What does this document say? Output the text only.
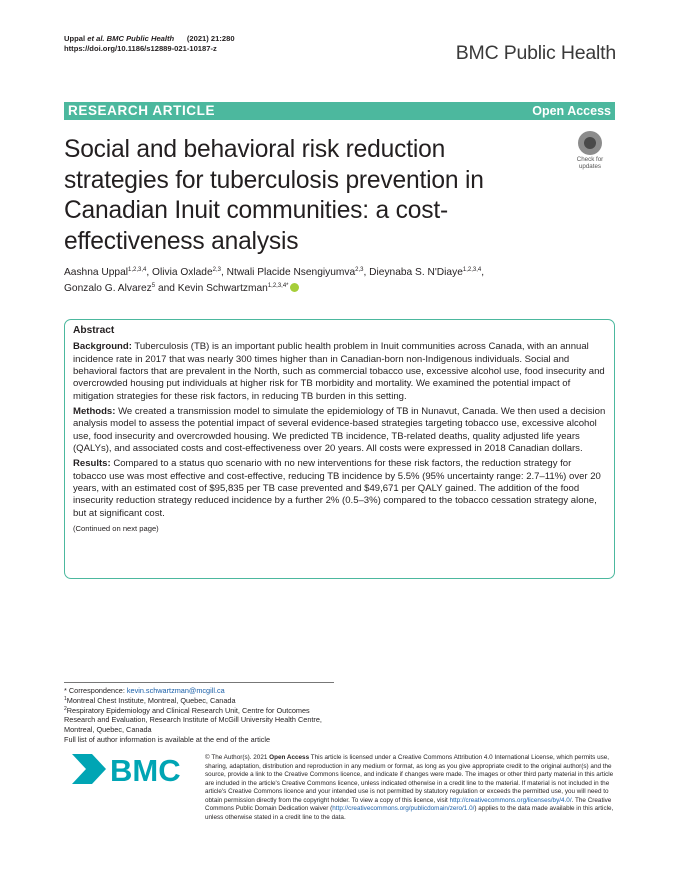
Uppal et al. BMC Public Health (2021) 21:280
https://doi.org/10.1186/s12889-021-10187-z	BMC Public Health
RESEARCH ARTICLE	Open Access
Social and behavioral risk reduction strategies for tuberculosis prevention in Canadian Inuit communities: a cost-effectiveness analysis
Check for
updates
Aashna Uppal$^{1,2,3,4}$, Olivia Oxlade$^{2,3}$, Ntwali Placide Nsengiyumva$^{2,3}$, Dieynaba S. N'Diaye$^{1,2,3,4}$,
Gonzalo G. Alvarez$^5$ and Kevin Schwartzman$^{1,2,3,4*}$
Abstract

Background: Tuberculosis (TB) is an important public health problem in Inuit communities across Canada, with an annual incidence rate in 2017 that was nearly 300 times higher than in Canadian-born non-Indigenous individuals. Social and behavioral factors that are prevalent in the North, such as commercial tobacco use, excessive alcohol use, food insecurity and overcrowded housing put individuals at higher risk for TB morbidity and mortality. We examined the potential impact of mitigation strategies for these risk factors, in reducing TB burden in this setting.

Methods: We created a transmission model to simulate the epidemiology of TB in Nunavut, Canada. We then used a decision analysis model to assess the potential impact of several evidence-based strategies targeting tobacco use, excessive alcohol use, food insecurity and overcrowded housing. We predicted TB incidence, TB-related deaths, quality adjusted life years (QALYs), and associated costs and cost-effectiveness over 20 years. All costs were expressed in 2018 Canadian dollars.

Results: Compared to a status quo scenario with no new interventions for these risk factors, the reduction strategy for tobacco use was most effective and cost-effective, reducing TB incidence by 5.5% (95% uncertainty range: 2.7–11%) over 20 years, with an estimated cost of $95,835 per TB case prevented and $49,671 per QALY gained. The addition of the food insecurity reduction strategy reduced incidence by a further 2% (0.5–3%) compared to the tobacco cessation strategy alone, but at significant cost.

(Continued on next page)
* Correspondence: kevin.schwartzman@mcgill.ca
$^1$Montreal Chest Institute, Montreal, Quebec, Canada
$^2$Respiratory Epidemiology and Clinical Research Unit, Centre for Outcomes Research and Evaluation, Research Institute of McGill University Health Centre, Montreal, Quebec, Canada
Full list of author information is available at the end of the article
BMC	© The Author(s). 2021 Open Access This article is licensed under a Creative Commons Attribution 4.0 International License, which permits use, sharing, adaptation, distribution and reproduction in any medium or format, as long as you give appropriate credit to the original author(s) and the source, provide a link to the Creative Commons licence, and indicate if changes were made. The images or other third party material in this article are included in the article's Creative Commons licence, unless indicated otherwise in a credit line to the material. If material is not included in the article's Creative Commons licence and your intended use is not permitted by statutory regulation or exceeds the permitted use, you will need to obtain permission directly from the copyright holder. To view a copy of this licence, visit http://creativecommons.org/licenses/by/4.0/. The Creative Commons Public Domain Dedication waiver (http://creativecommons.org/publicdomain/zero/1.0/) applies to the data made available in this article, unless otherwise stated in a credit line to the data.
